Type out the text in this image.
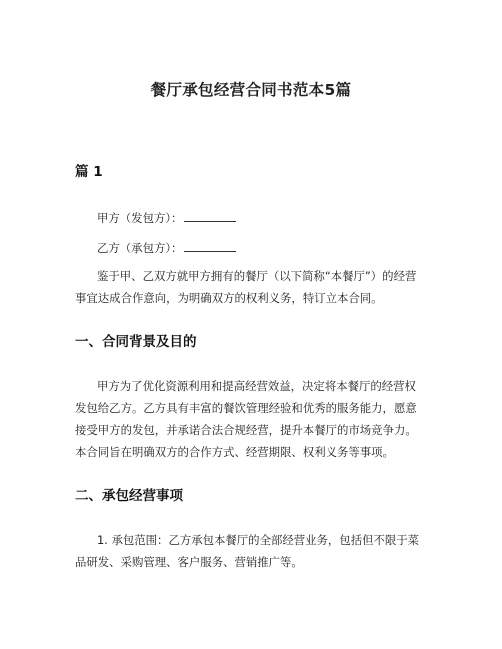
餐厅承包经营合同书范本5篇
篇 1
甲方（发包方）：
乙方（承包方）：
鉴于甲、乙双方就甲方拥有的餐厅（以下简称“本餐厅”）的经营
事宜达成合作意向，为明确双方的权利义务，特订立本合同。
一、合同背景及目的
甲方为了优化资源利用和提高经营效益，决定将本餐厅的经营权
发包给乙方。乙方具有丰富的餐饮管理经验和优秀的服务能力，愿意
接受甲方的发包，并承诺合法合规经营，提升本餐厅的市场竞争力。
本合同旨在明确双方的合作方式、经营期限、权利义务等事项。
二、承包经营事项
1. 承包范围：乙方承包本餐厅的全部经营业务，包括但不限于菜
品研发、采购管理、客户服务、营销推广等。
